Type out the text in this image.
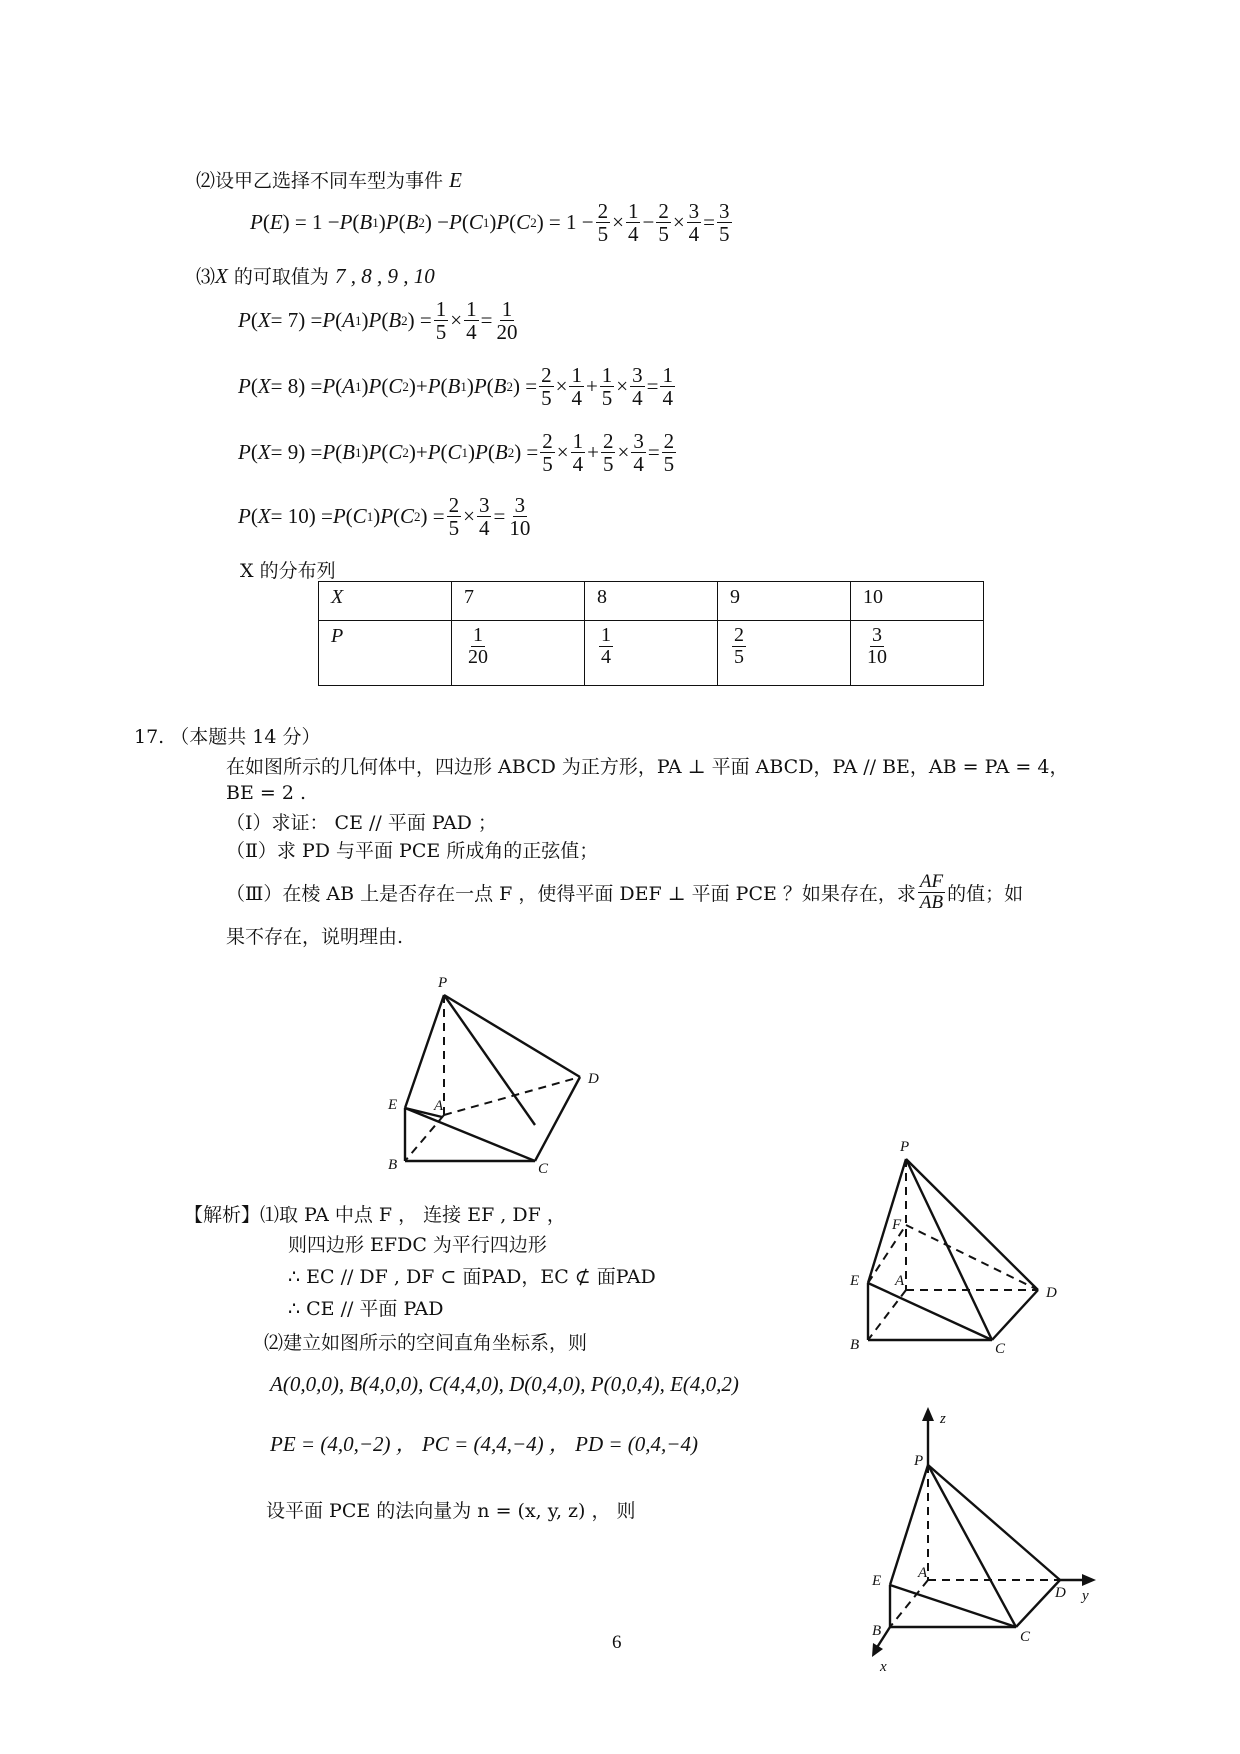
⑵设甲乙选择不同车型为事件 E
P ( E ) = 1 − P ( B 1 ) P ( B 2 ) − P ( C 1 ) P ( C 2 ) = $1 - \frac{2}{5} \times \frac{1}{4} - \frac{2}{5} \times \frac{3}{4} = \frac{3}{5}$
⑶X 的可取值为 7 , 8 , 9 , 10
P ( X = 7) = P ( A 1 ) P ( B 2 ) = $\frac{1}{5} \times \frac{1}{4} = \frac{1}{20}$
P ( X = 8) = P ( A 1 ) P ( C 2 )+ P ( B 1 ) P ( B 2 ) = $\frac{2}{5} \times \frac{1}{4} + \frac{1}{5} \times \frac{3}{4} = \frac{1}{4}$
P ( X = 9) = P ( B 1 ) P ( C 2 )+ P ( C 1 ) P ( B 2 ) = $\frac{2}{5} \times \frac{1}{4} + \frac{2}{5} \times \frac{3}{4} = \frac{2}{5}$
P ( X = 10) = P ( C 1 ) P ( C 2 ) = $\frac{2}{5} \times \frac{3}{4} = \frac{3}{10}$
X 的分布列
X	7	8	9	10
P	$\frac{1}{20}$	$\frac{1}{4}$	$\frac{2}{5}$	$\frac{3}{10}$
17. （本题共 14 分）
在如图所示的几何体中，四边形 ABCD 为正方形，PA ⊥ 平面 ABCD，PA // BE，AB = PA = 4，
BE = 2 .
（Ⅰ）求证： CE // 平面 PAD ；
（Ⅱ）求 PD 与平面 PCE 所成角的正弦值；
（Ⅲ）在棱 AB 上是否存在一点 F ，使得平面 DEF ⊥ 平面 PCE ？如果存在，求 $\frac{AF}{AB}$ 的值；如
果不存在，说明理由.
P
E A
D
B	C
【解析】⑴取 PA 中点 F ， 连接 EF , DF ，
则四边形 EFDC 为平行四边形
∴ EC // DF , DF ⊂ 面PAD，EC ⊄ 面PAD
∴ CE // 平面 PAD
⑵建立如图所示的空间直角坐标系，则
A(0,0,0), B(4,0,0), C(4,4,0), D(0,4,0), P(0,0,4), E(4,0,2)
PE = (4,0,−2) ， PC = (4,4,−4) ， PD = (0,4,−4)
设平面 PCE 的法向量为 n = (x, y, z) ， 则
P
F
E A
D
B	C
z
P
E A
D y
B	C
x
6
